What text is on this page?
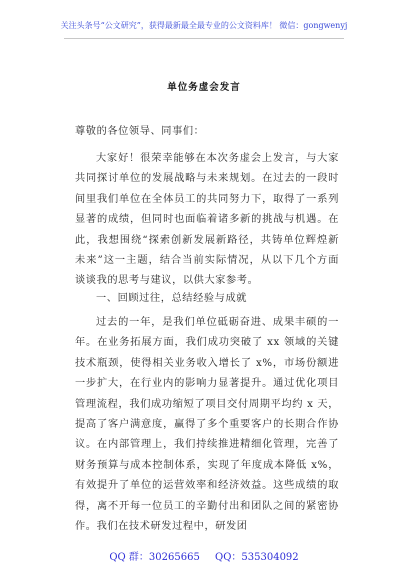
关注头条号“公文研究”，获得最新最全最专业的公文资料库！ 微信：gongwenyj
单位务虚会发言
尊敬的各位领导、同事们：
大家好！很荣幸能够在本次务虚会上发言，与大家共同探讨单位的发展战略与未来规划。在过去的一段时间里我们单位在全体员工的共同努力下，取得了一系列显著的成绩，但同时也面临着诸多新的挑战与机遇。在此，我想围绕“探索创新发展新路径，共铸单位辉煌新未来”这一主题，结合当前实际情况，从以下几个方面谈谈我的思考与建议，以供大家参考。
一、回顾过往，总结经验与成就
过去的一年，是我们单位砥砺奋进、成果丰硕的一年。在业务拓展方面，我们成功突破了 xx 领域的关键技术瓶颈，使得相关业务收入增长了 x%，市场份额进一步扩大，在行业内的影响力显著提升。通过优化项目管理流程，我们成功缩短了项目交付周期平均约 x 天，提高了客户满意度，赢得了多个重要客户的长期合作协议。在内部管理上，我们持续推进精细化管理，完善了财务预算与成本控制体系，实现了年度成本降低 x%，有效提升了单位的运营效率和经济效益。这些成绩的取得，离不开每一位员工的辛勤付出和团队之间的紧密协作。我们在技术研发过程中，研发团
QQ 群：30265665 QQ：535304092
